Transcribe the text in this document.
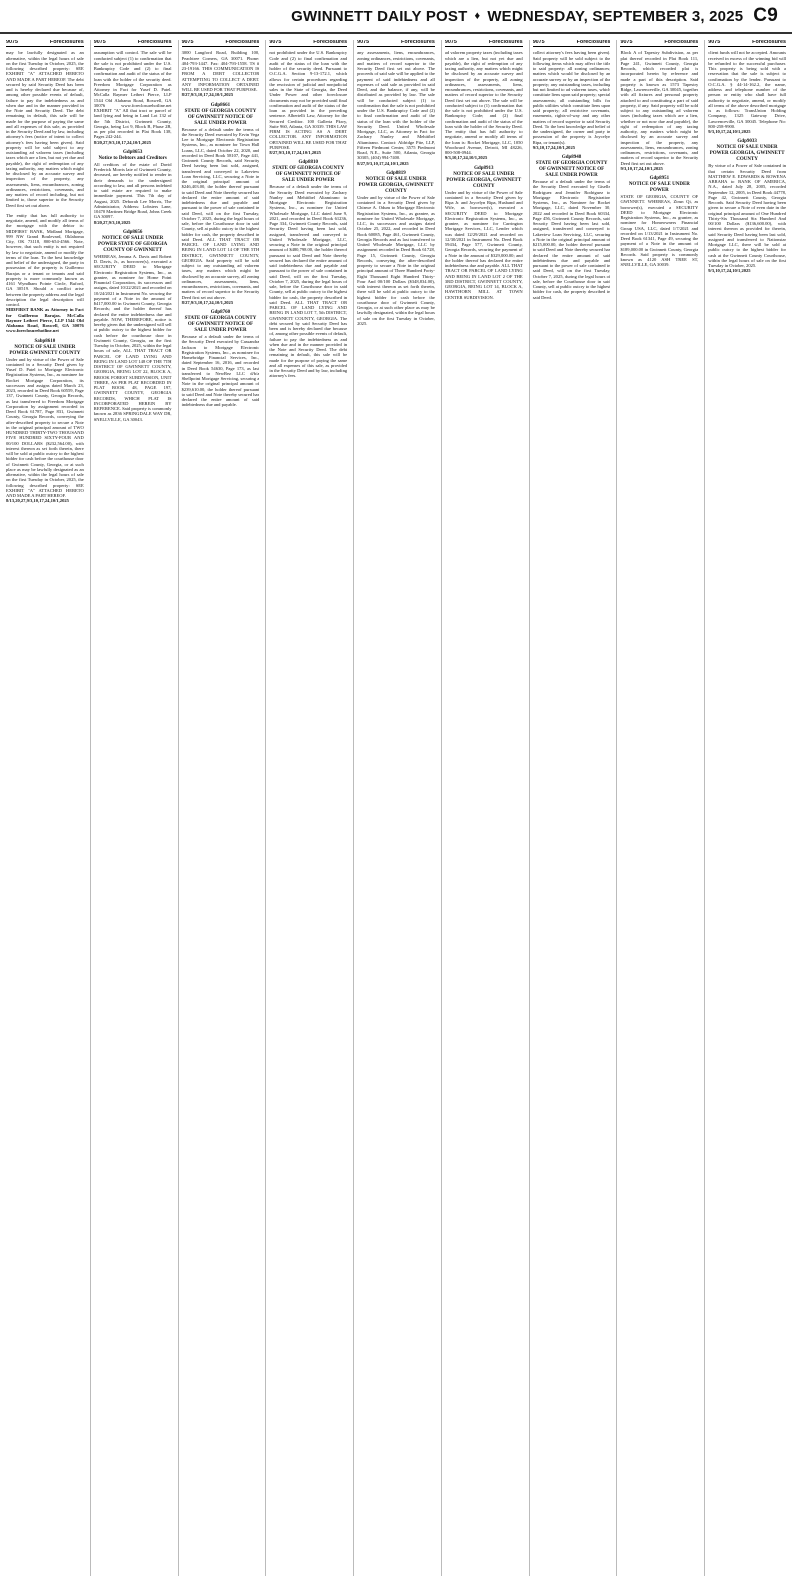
GWINNETT DAILY POST ♦ WEDNESDAY, SEPTEMBER 3, 2025 C9
9075	Foreclosures
may be lawfully designated as an alternative, within the legal hours of sale on the first Tuesday in October, 2025, the following described property: SEE EXHIBIT "A" ATTACHED HERETO AND MADE A PART HEREOF. The debt secured by said Security Deed has been and is hereby declared due because of, among other possible events of default, failure to pay the indebtedness as and when due and in the manner provided in the Note and Security Deed. The debt remaining in default, this sale will be made for the purpose of paying the same and all expenses of this sale, as provided in the Security Deed and by law, including attorney's fees (notice of intent to collect attorney's fees having been given). Said property will be sold subject to any outstanding ad valorem taxes (including taxes which are a lien, but not yet due and payable), the right of redemption of any taxing authority, any matters which might be disclosed by an accurate survey and inspection of the property, any assessments, liens, encumbrances, zoning ordinances, restrictions, covenants, and any matters of record including, but not limited to, those superior to the Security Deed first set out above.
The entity that has full authority to negotiate, amend, and modify all terms of the mortgage with the debtor is: MIDFIRST BANK, Midland Mortgage, 999 NW Grand Boulevard, Oklahoma City, OK 73118, 800-654-4566. Note, however, that such entity is not required by law to negotiate, amend or modify the terms of the loan. To the best knowledge and belief of the undersigned, the party in possession of the property is Guillermo Barajas or a tenant or tenants and said property is more commonly known as 4161 Wyndham Pointe Circle, Buford, GA 30519. Should a conflict arise between the property address and the legal description the legal description will control.
MIDFIRST BANK as Attorney in Fact for Guillermo Barajas. McCalla Raymer Leibert Pierce, LLP 1544 Old Alabama Road, Roswell, GA 30076 www.foreclosurehotline.net
Sabp8610
NOTICE OF SALE UNDER POWER GWINNETT COUNTY
Under and by virtue of the Power of Sale contained in a Security Deed given by Yusef D. Patel to Mortgage Electronic Registration Systems, Inc., as nominee for Rocket Mortgage Corporation, its successors and assigns dated March 23, 2023, recorded in Deed Book 60559, Page 137, Gwinnett County, Georgia Records, as last transferred to Freedom Mortgage Corporation by assignment recorded in Deed Book 61787, Page 831, Gwinnett County, Georgia Records, conveying the after-described property to secure a Note in the original principal amount of TWO HUNDRED THIRTY-TWO THOUSAND FIVE HUNDRED SIXTY-FOUR AND 00/100 DOLLARS ($232,564.00), with interest thereon as set forth therein, there will be sold at public outcry to the highest bidder for cash before the courthouse door of Gwinnett County, Georgia, or at such place as may be lawfully designated as an alternative, within the legal hours of sale on the first Tuesday in October, 2025, the following described property: SEE EXHIBIT "A" ATTACHED HERETO AND MADE A PART HEREOF.
8/13,20,27,9/3,10,17,24,10/1,2025
9075	Foreclosures
assumption will control. The sale will be conducted subject (1) to confirmation that the sale is not prohibited under the U.S. Bankruptcy Code and (2) to final confirmation and audit of the status of the loan with the holder of the security deed. Freedom Mortgage Corporation as Attorney in Fact for Yusef D. Patel. McCalla Raymer Leibert Pierce, LLP 1544 Old Alabama Road, Roswell, GA 30076 www.foreclosurehotline.net EXHIBIT "A" All that tract or parcel of land lying and being in Land Lot 132 of the 5th District, Gwinnett County, Georgia, being Lot 9, Block B, Phase 2B, as per plat recorded in Plat Book 138, Pages 242-244.
8/20,27,9/3,10,17,24,10/1,2025
Gdp8653
Notice to Debtors and Creditors
All creditors of the estate of David Frederick Morris late of Gwinnett County, deceased, are hereby notified to render in their demands to the undersigned according to law, and all persons indebted to said estate are required to make immediate payment. This 7th day of August, 2025. Deborah Lee Morris, The Administrator, Address: Lobsters Lane, 10470 Martinez Bridge Road, Johns Creek GA 30097.
8/20,27,9/3,10,2025
Gdp8656
NOTICE OF SALE UNDER POWER STATE OF GEORGIA COUNTY OF GWINNETT
WHEREAS, Jemma A. Davis and Robert D. Davis, Jr., as borrower(s), executed a SECURITY DEED to Mortgage Electronic Registration Systems, Inc., as grantee, as nominee for Home Point Financial Corporation, its successors and assigns, dated 10/22/2021 and recorded on 10/24/2021 in Instrument No. securing the payment of a Note in the amount of $417,000.00 in Gwinnett County, Georgia Records; and the holder thereof has declared the entire indebtedness due and payable. NOW, THEREFORE, notice is hereby given that the undersigned will sell at public outcry to the highest bidder for cash before the courthouse door in Gwinnett County, Georgia, on the first Tuesday in October, 2025, within the legal hours of sale, ALL THAT TRACT OR PARCEL OF LAND LYING AND BEING IN LAND LOT 148 OF THE 7TH DISTRICT OF GWINNETT COUNTY, GEORGIA, BEING LOT 22, BLOCK A, BROOK FOREST SUBDIVISION, UNIT THREE, AS PER PLAT RECORDED IN PLAT BOOK 48, PAGE 197, GWINNETT COUNTY, GEORGIA RECORDS, WHICH PLAT IS INCORPORATED HEREIN BY REFERENCE. Said property is commonly known as 2836 SPRINGDALE WAY DR, SNELLVILLE, GA 30043.
9075	Foreclosures
3000 Langford Road, Building 100, Peachtree Corners, GA 30071. Phone: 404-793-1447. Fax: 404-793-1558. TS # 23-19166. THIS COMMUNICATION IS FROM A DEBT COLLECTOR ATTEMPTING TO COLLECT A DEBT. ANY INFORMATION OBTAINED WILL BE USED FOR THAT PURPOSE.
8/27,9/3,10,17,24,10/1,2025
Gdp8661
STATE OF GEORGIA COUNTY OF GWINNETT NOTICE OF SALE UNDER POWER
Because of a default under the terms of the Security Deed executed by Ervin Vega Lee to Mortgage Electronic Registration Systems, Inc., as nominee for Town Hall Loans, LLC, dated October 22, 2020, and recorded in Deed Book 58107, Page 441, Gwinnett County Records, said Security Deed having been last sold, assigned, transferred and conveyed to Lakeview Loan Servicing, LLC, securing a Note in the original principal amount of $246,403.00, the holder thereof pursuant to said Deed and Note thereby secured has declared the entire amount of said indebtedness due and payable and pursuant to the power of sale contained in said Deed, will on the first Tuesday, October 7, 2025, during the legal hours of sale, before the Courthouse door in said County, sell at public outcry to the highest bidder for cash, the property described in said Deed. ALL THAT TRACT OR PARCEL OF LAND LYING AND BEING IN LAND LOT 14 OF THE 5TH DISTRICT, GWINNETT COUNTY, GEORGIA. Said property will be sold subject to any outstanding ad valorem taxes, any matters which might be disclosed by an accurate survey, all zoning ordinances, assessments, liens, encumbrances, restrictions, covenants, and matters of record superior to the Security Deed first set out above.
8/27,9/3,10,17,24,10/1,2025
Gdp8760
STATE OF GEORGIA COUNTY OF GWINNETT NOTICE OF SALE UNDER POWER
Because of a default under the terms of the Security Deed executed by Cassandra Jackson to Mortgage Electronic Registration Systems, Inc., as nominee for Homebridge Financial Services, Inc., dated September 16, 2016, and recorded in Deed Book 54630, Page 173, as last transferred to NewRez LLC d/b/a Shellpoint Mortgage Servicing, securing a Note in the original principal amount of $239,610.00, the holder thereof pursuant to said Deed and Note thereby secured has declared the entire amount of said indebtedness due and payable.
9075	Foreclosures
not prohibited under the U.S. Bankruptcy Code and (2) to final confirmation and audit of the status of the loan with the holder of the security deed. Pursuant to O.C.G.A. Section 9-13-172.1, which allows for certain procedures regarding the rescission of judicial and nonjudicial sales in the State of Georgia, the Deed Under Power and other foreclosure documents may not be provided until final confirmation and audit of the status of the loan as provided in the preceding sentence. Albertelli Law, Attorney for the Secured Creditor. 100 Galleria Pkwy, Suite 960, Atlanta, GA 30339. THIS LAW FIRM IS ACTING AS A DEBT COLLECTOR. ANY INFORMATION OBTAINED WILL BE USED FOR THAT PURPOSE.
8/27,9/3,10,17,24,10/1,2025
Gdp8810
STATE OF GEORGIA COUNTY OF GWINNETT NOTICE OF SALE UNDER POWER
Because of a default under the terms of the Security Deed executed by Zachary Nunley and Mehitibel Altamirano to Mortgage Electronic Registration Systems, Inc., as nominee for United Wholesale Mortgage, LLC dated June 9, 2021, and recorded in Deed Book 61236, Page 334, Gwinnett County Records, said Security Deed having been last sold, assigned, transferred and conveyed to United Wholesale Mortgage, LLC, securing a Note in the original principal amount of $480,798.00, the holder thereof pursuant to said Deed and Note thereby secured has declared the entire amount of said indebtedness due and payable and pursuant to the power of sale contained in said Deed, will on the first Tuesday, October 7, 2025, during the legal hours of sale, before the Courthouse door in said County, sell at public outcry to the highest bidder for cash, the property described in said Deed. ALL THAT TRACT OR PARCEL OF LAND LYING AND BEING IN LAND LOT 7, 5th DISTRICT, GWINNETT COUNTY, GEORGIA. The debt secured by said Security Deed has been and is hereby declared due because of, among other possible events of default, failure to pay the indebtedness as and when due and in the manner provided in the Note and Security Deed. The debt remaining in default, this sale will be made for the purpose of paying the same and all expenses of this sale, as provided in the Security Deed and by law, including attorney's fees.
9075	Foreclosures
any assessments, liens, encumbrances, zoning ordinances, restrictions, covenants, and matters of record superior to the Security Deed first set out above. The proceeds of said sale will be applied to the payment of said indebtedness and all expenses of said sale as provided in said Deed, and the balance, if any, will be distributed as provided by law. The sale will be conducted subject (1) to confirmation that the sale is not prohibited under the U.S. Bankruptcy Code and (2) to final confirmation and audit of the status of the loan with the holder of the Security Deed. United Wholesale Mortgage, LLC, as Attorney in Fact for Zachary Nunley and Mehitibel Altamirano. Contact: Aldridge Pite, LLP, Fifteen Piedmont Center, 3575 Piedmont Road, N.E., Suite 500, Atlanta, Georgia 30305, (404) 994-7400.
8/27,9/3,10,17,24,10/1,2025
Gdp8819
NOTICE OF SALE UNDER POWER GEORGIA, GWINNETT COUNTY
Under and by virtue of the Power of Sale contained in a Security Deed given by Chinwe A. Odum to Mortgage Electronic Registration Systems, Inc., as grantee, as nominee for United Wholesale Mortgage, LLC, its successors and assigns dated October 25, 2022, and recorded in Deed Book 60085, Page 461, Gwinnett County, Georgia Records and as last transferred to United Wholesale Mortgage, LLC by assignment recorded in Deed Book 61728, Page 15, Gwinnett County, Georgia Records, conveying the after-described property to secure a Note in the original principal amount of Three Hundred Forty-Eight Thousand Eight Hundred Thirty-Four And 00/100 Dollars ($348,834.00), with interest thereon as set forth therein, there will be sold at public outcry to the highest bidder for cash before the courthouse door of Gwinnett County, Georgia, or at such other place as may be lawfully designated, within the legal hours of sale on the first Tuesday in October, 2025.
9075	Foreclosures
ad valorem property taxes (including taxes which are a lien, but not yet due and payable), the right of redemption of any taxing authority, any matters which might be disclosed by an accurate survey and inspection of the property, all zoning ordinances, assessments, liens, encumbrances, restrictions, covenants, and matters of record superior to the Security Deed first set out above. The sale will be conducted subject to (1) confirmation that the sale is not prohibited under the U.S. Bankruptcy Code; and (2) final confirmation and audit of the status of the loan with the holder of the Security Deed. The entity that has full authority to negotiate, amend or modify all terms of the loan is: Rocket Mortgage, LLC, 1050 Woodward Avenue, Detroit, MI 48226, 800-508-0944.
9/3,10,17,24,10/1,2025
Gdp8913
NOTICE OF SALE UNDER POWER GEORGIA, GWINNETT COUNTY
Under and by virtue of the Power of Sale contained in a Security Deed given by Ripa Jr. and Joycelyn Ripa, Husband and Wife, as borrower(s), executed a SECURITY DEED to Mortgage Electronic Registration Systems, Inc., as grantee, as nominee for Carrington Mortgage Services, LLC, Lender which was dated 12/29/2021 and recorded on 12/30/2021 in Instrument No. Deed Book 59434, Page 577, Gwinnett County, Georgia Records, securing the payment of a Note in the amount of $329,000.00; and the holder thereof has declared the entire indebtedness due and payable. ALL THAT TRACT OR PARCEL OF LAND LYING AND BEING IN LAND LOT 2 OF THE 3RD DISTRICT, GWINNETT COUNTY, GEORGIA, BEING LOT 14, BLOCK A, HAWTHORN MILL AT TOWN CENTER SUBDIVISION.
9075	Foreclosures
collect attorney's fees having been given). Said property will be sold subject to the following items which may affect the title to said property: all zoning ordinances; matters which would be disclosed by an accurate survey or by an inspection of the property; any outstanding taxes, including but not limited to ad valorem taxes, which constitute liens upon said property; special assessments; all outstanding bills for public utilities which constitute liens upon said property; all restrictive covenants, easements, rights-of-way and any other matters of record superior to said Security Deed. To the best knowledge and belief of the undersigned, the owner and party in possession of the property is Joycelyn Ripa, or tenant(s).
9/3,10,17,24,10/1,2025
Gdp8948
STATE OF GEORGIA COUNTY OF GWINNETT NOTICE OF SALE UNDER POWER
Because of a default under the terms of the Security Deed executed by Giselle Rodriguez and Jennifer Rodriguez to Mortgage Electronic Registration Systems, Inc., as Nominee for Rocket Mortgage, LLC, dated November 30, 2022 and recorded in Deed Book 60334, Page 456, Gwinnett County Records, said Security Deed having been last sold, assigned, transferred and conveyed to Lakeview Loan Servicing, LLC, securing a Note in the original principal amount of $215,000.00, the holder thereof pursuant to said Deed and Note thereby secured has declared the entire amount of said indebtedness due and payable and pursuant to the power of sale contained in said Deed, will on the first Tuesday, October 7, 2025, during the legal hours of sale, before the Courthouse door in said County, sell at public outcry to the highest bidder for cash, the property described in said Deed.
9075	Foreclosures
Block A of Tapestry Subdivision, as per plat thereof recorded in Plat Book 111, Page 241, Gwinnett County, Georgia Records, which recorded plat is incorporated herein by reference and made a part of this description. Said property is known as 1573 Tapestry Ridge, Lawrenceville, GA 30045, together with all fixtures and personal property attached to and constituting a part of said property, if any. Said property will be sold subject to any outstanding ad valorem taxes (including taxes which are a lien, whether or not now due and payable), the right of redemption of any taxing authority, any matters which might be disclosed by an accurate survey and inspection of the property, any assessments, liens, encumbrances, zoning ordinances, restrictions, covenants, and matters of record superior to the Security Deed first set out above.
9/3,10,17,24,10/1,2025
Gdp8951
NOTICE OF SALE UNDER POWER
STATE OF GEORGIA, COUNTY OF GWINNETT. WHEREAS, Zirun Qi, as borrower(s), executed a SECURITY DEED to Mortgage Electronic Registration Systems, Inc., as grantee, as nominee for Homeowners Financial Group USA, LLC, dated 1/7/2021 and recorded on 1/13/2021 in Instrument No. Deed Book 61341, Page 49, securing the payment of a Note in the amount of $189,000.00 in Gwinnett County, Georgia Records. Said property is commonly known as 4120 ASH TREE ST, SNELLVILLE, GA 30039.
9075	Foreclosures
client funds will not be accepted. Amounts received in excess of the winning bid will be refunded to the successful purchaser. This property is being sold with a reservation that the sale is subject to confirmation by the lender. Pursuant to O.C.G.A. § 44-14-162.2, the name, address and telephone number of the person or entity who shall have full authority to negotiate, amend, or modify all terms of the above described mortgage is as follows: TransUnion Holding Company, 1325 Gateway Drive, Lawrenceville, GA 30045. Telephone No: 800-258-9900.
9/3,10,17,24,10/1,2025
Gdp9033
NOTICE OF SALE UNDER POWER GEORGIA, GWINNETT COUNTY
By virtue of a Power of Sale contained in that certain Security Deed from MATTHEW E. EDWARDS & ROWENA ABRAHA to BANK OF AMERICA, N.A., dated July 28, 2005, recorded September 12, 2005, in Deed Book 44778, Page 42, Gwinnett County, Georgia Records. Said Security Deed having been given to secure a Note of even date in the original principal amount of One Hundred Thirty-Six Thousand Six Hundred And 00/100 Dollars ($136,600.00), with interest thereon as provided for therein, said Security Deed having been last sold, assigned and transferred to Nationstar Mortgage LLC, there will be sold at public outcry to the highest bidder for cash at the Gwinnett County Courthouse, within the legal hours of sale on the first Tuesday in October, 2025.
9/3,10,17,24,10/1,2025
